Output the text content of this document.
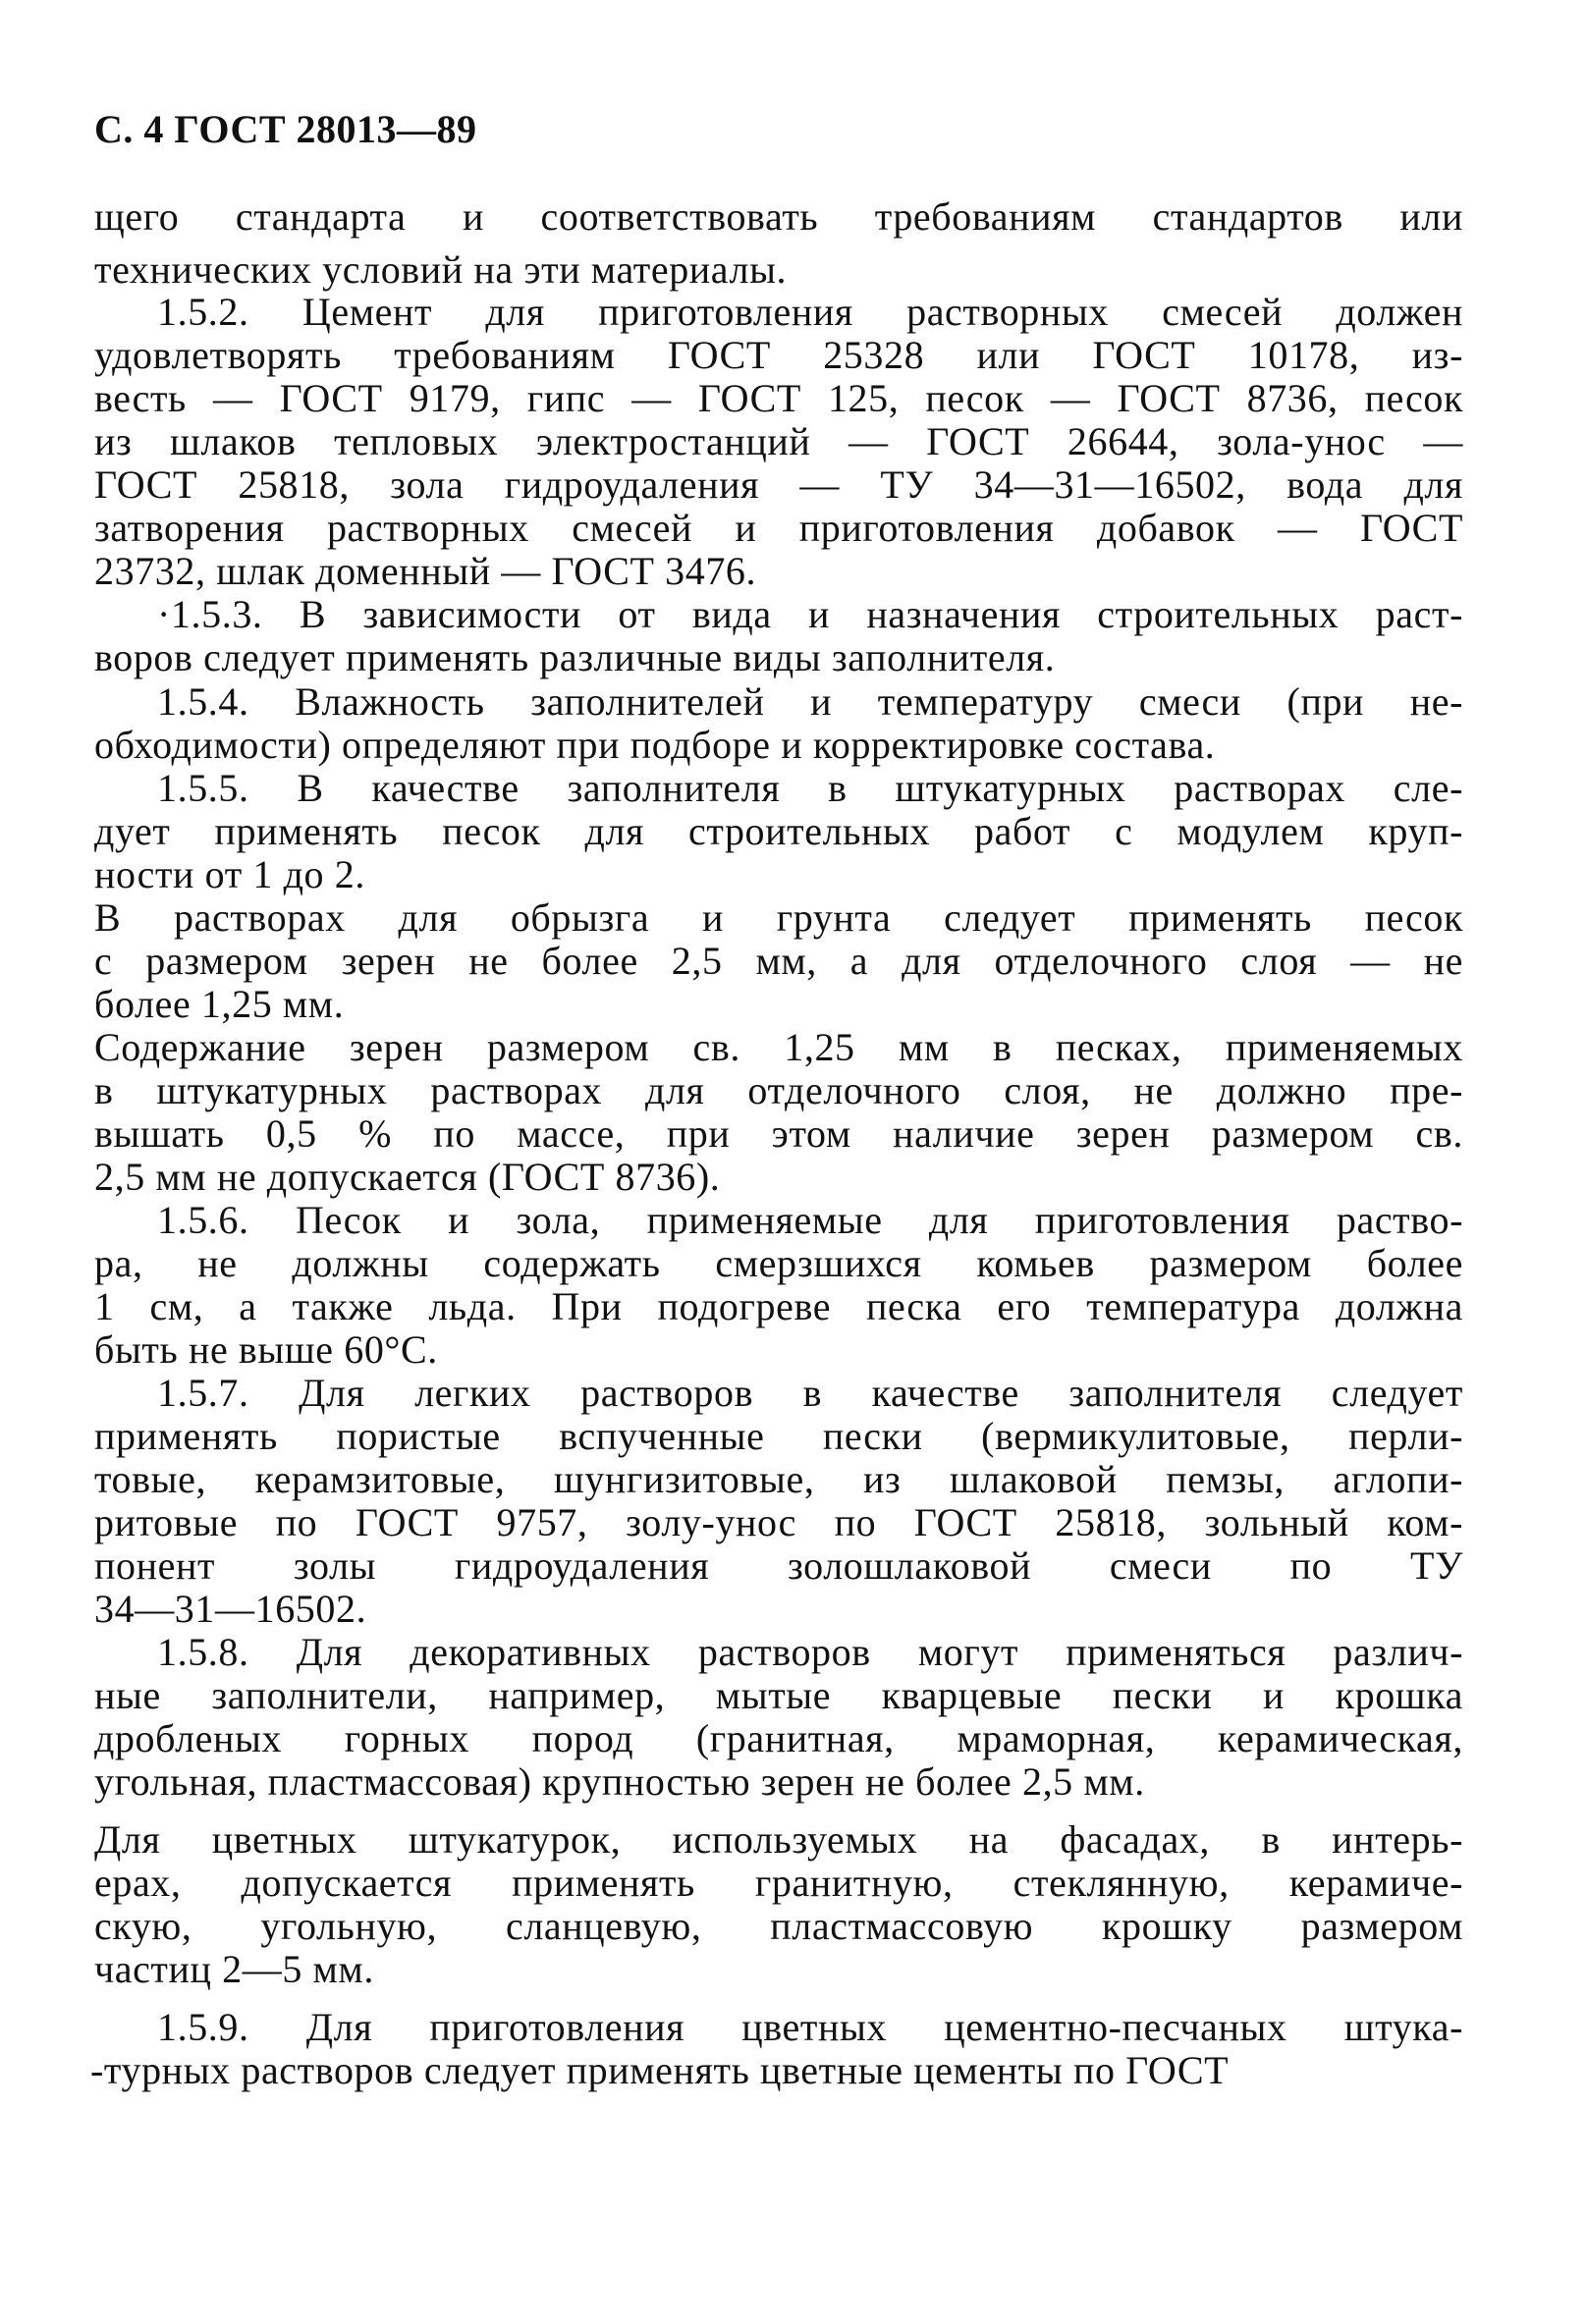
С. 4 ГОСТ 28013—89
щего стандарта и соответствовать требованиям стандартов или
технических условий на эти материалы.
1.5.2. Цемент для приготовления растворных смесей должен
удовлетворять требованиям ГОСТ 25328 или ГОСТ 10178, из-
весть — ГОСТ 9179, гипс — ГОСТ 125, песок — ГОСТ 8736, песок
из шлаков тепловых электростанций — ГОСТ 26644, зола-унос —
ГОСТ 25818, зола гидроудаления — ТУ 34—31—16502, вода для
затворения растворных смесей и приготовления добавок — ГОСТ
23732, шлак доменный — ГОСТ 3476.
·1.5.3. В зависимости от вида и назначения строительных раст-
воров следует применять различные виды заполнителя.
1.5.4. Влажность заполнителей и температуру смеси (при не-
обходимости) определяют при подборе и корректировке состава.
1.5.5. В качестве заполнителя в штукатурных растворах сле-
дует применять песок для строительных работ с модулем круп-
ности от 1 до 2.
В растворах для обрызга и грунта следует применять песок
с размером зерен не более 2,5 мм, а для отделочного слоя — не
более 1,25 мм.
Содержание зерен размером св. 1,25 мм в песках, применяемых
в штукатурных растворах для отделочного слоя, не должно пре-
вышать 0,5 % по массе, при этом наличие зерен размером св.
2,5 мм не допускается (ГОСТ 8736).
1.5.6. Песок и зола, применяемые для приготовления раство-
ра, не должны содержать смерзшихся комьев размером более
1 см, а также льда. При подогреве песка его температура должна
быть не выше 60°С.
1.5.7. Для легких растворов в качестве заполнителя следует
применять пористые вспученные пески (вермикулитовые, перли-
товые, керамзитовые, шунгизитовые, из шлаковой пемзы, аглопи-
ритовые по ГОСТ 9757, золу-унос по ГОСТ 25818, зольный ком-
понент золы гидроудаления золошлаковой смеси по ТУ
34—31—16502.
1.5.8. Для декоративных растворов могут применяться различ-
ные заполнители, например, мытые кварцевые пески и крошка
дробленых горных пород (гранитная, мраморная, керамическая,
угольная, пластмассовая) крупностью зерен не более 2,5 мм.
Для цветных штукатурок, используемых на фасадах, в интерь-
ерах, допускается применять гранитную, стеклянную, керамиче-
скую, угольную, сланцевую, пластмассовую крошку размером
частиц 2—5 мм.
1.5.9. Для приготовления цветных цементно-песчаных штука-
-турных растворов следует применять цветные цементы по ГОСТ
